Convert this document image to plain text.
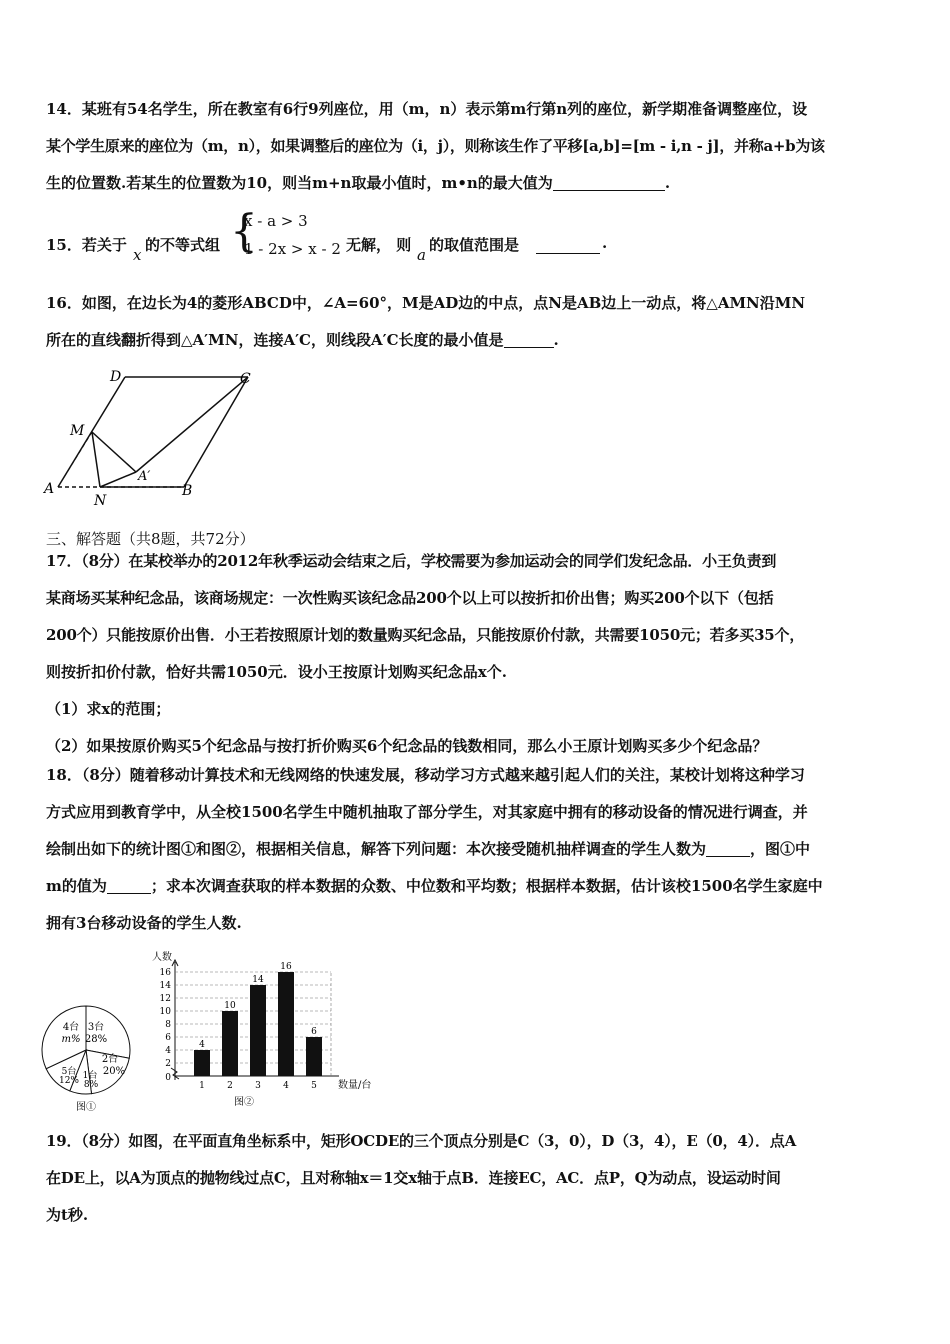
14．某班有54名学生，所在教室有6行9列座位，用（m，n）表示第m行第n列的座位，新学期准备调整座位，设

某个学生原来的座位为（m，n），如果调整后的座位为（i，j），则称该生作了平移[a,b]=[m - i,n - j]，并称a+b为该

生的位置数.若某生的位置数为10，则当m+n取最小值时，m•n的最大值为	.

15．若关于
x
的不等式组 {
x - a > 3
1 - 2x > x - 2 无解， 则
a
的取值范围是	.

16．如图，在边长为4的菱形ABCD中，∠A=60°，M是AD边的中点，点N是AB边上一动点，将△AMN沿MN

所在的直线翻折得到△A′MN，连接A′C，则线段A′C长度的最小值是	.

D	C
M
A′
A
N
B
三、解答题（共8题，共72分）

17．（8分）在某校举办的2012年秋季运动会结束之后，学校需要为参加运动会的同学们发纪念品．小王负责到

某商场买某种纪念品，该商场规定：一次性购买该纪念品200个以上可以按折扣价出售；购买200个以下（包括

200个）只能按原价出售．小王若按照原计划的数量购买纪念品，只能按原价付款，共需要1050元；若多买35个，

则按折扣价付款，恰好共需1050元．设小王按原计划购买纪念品x个.

（1）求x的范围；

（2）如果按原价购买5个纪念品与按打折价购买6个纪念品的钱数相同，那么小王原计划购买多少个纪念品？

18．（8分）随着移动计算技术和无线网络的快速发展，移动学习方式越来越引起人们的关注，某校计划将这种学习

方式应用到教育学中，从全校1500名学生中随机抽取了部分学生，对其家庭中拥有的移动设备的情况进行调查，并

绘制出如下的统计图①和图②，根据相关信息，解答下列问题：本次接受随机抽样调查的学生人数为	，图①中

m的值为	；求本次调查获取的样本数据的众数、中位数和平均数；根据样本数据，估计该校1500名学生家庭中

拥有3台移动设备的学生人数.

3台
28%
2台
20%
1台
8%
5台
12%
4台
m%
图①
0
2
4
6
8
10
12
14
16
1 2 3 4 5
4
10
14
16
6
人数
数量/台
图②

19．（8分）如图，在平面直角坐标系中，矩形OCDE的三个顶点分别是C（3，0），D（3，4），E（0，4）．点A

在DE上，以A为顶点的抛物线过点C，且对称轴x＝1交x轴于点B．连接EC，AC．点P，Q为动点，设运动时间

为t秒.
